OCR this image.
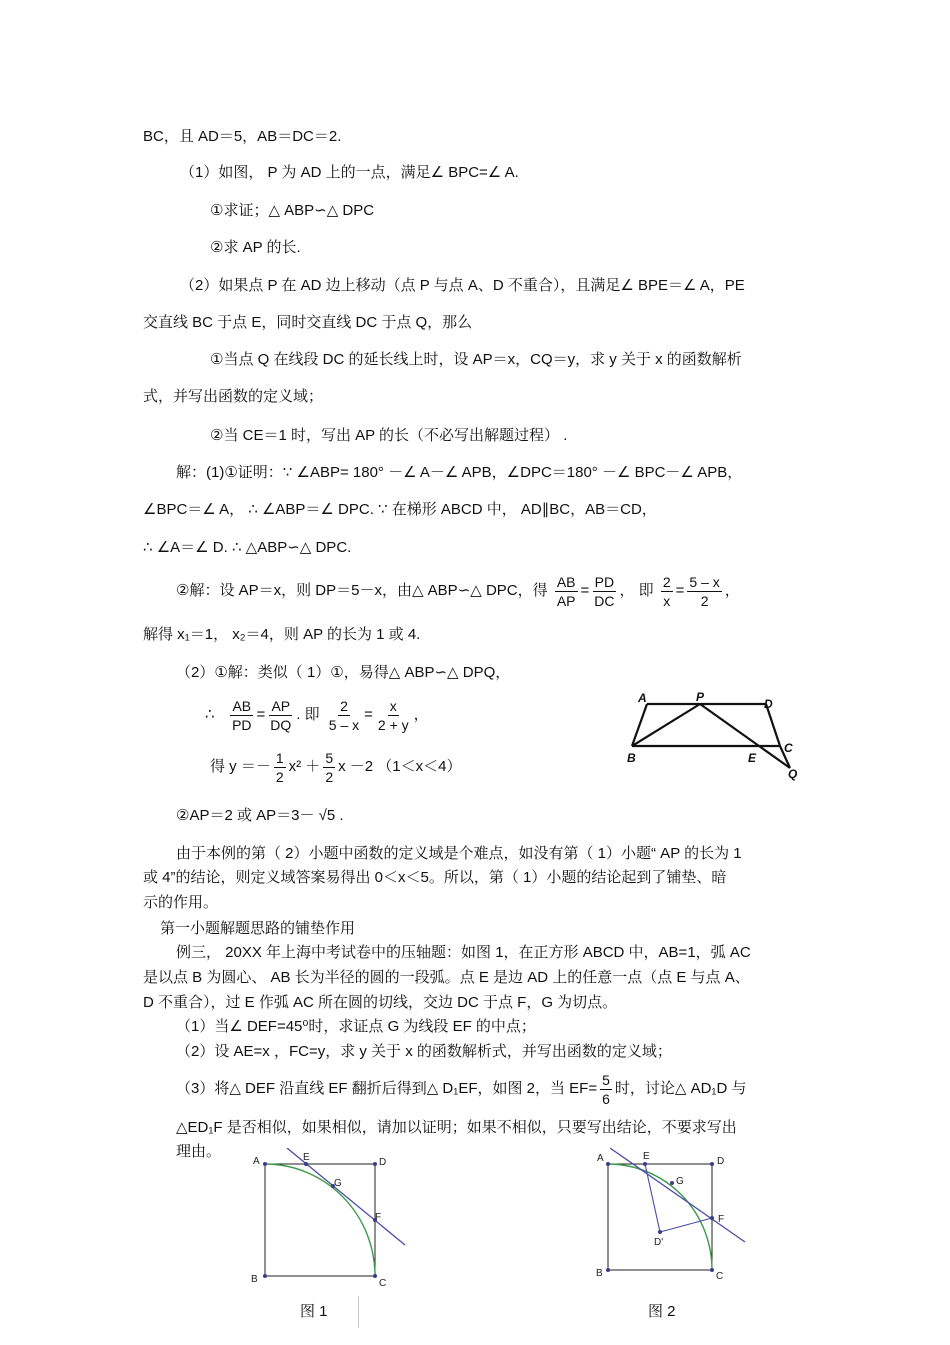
BC，且 AD＝5，AB＝DC＝2.
（1）如图， P 为 AD 上的一点，满足∠ BPC=∠ A.
①求证；△ ABP∽△ DPC
②求 AP 的长.
（2）如果点 P 在 AD 边上移动（点 P 与点 A、D 不重合），且满足∠ BPE＝∠ A，PE
交直线 BC 于点 E，同时交直线 DC 于点 Q，那么
①当点 Q 在线段 DC 的延长线上时，设 AP＝x，CQ＝y，求 y 关于 x 的函数解析
式，并写出函数的定义域；
②当 CE＝1 时，写出 AP 的长（不必写出解题过程） .
解：(1)①证明：∵ ∠ABP= 180° －∠ A－∠ APB，∠DPC＝180° －∠ BPC－∠ APB，
∠BPC＝∠ A， ∴ ∠ABP＝∠ DPC. ∵ 在梯形 ABCD 中， AD∥BC，AB＝CD，
∴ ∠A＝∠ D. ∴ △ABP∽△ DPC.
②解：设 AP＝x，则 DP＝5－x，由△ ABP∽△ DPC，得 $\frac{AB}{AP} = \frac{PD}{DC}$ ， 即 $\frac{2}{x} = \frac{5 - x}{2}$ ，
解得 x₁＝1， x₂＝4，则 AP 的长为 1 或 4.
（2）①解：类似（ 1）①，易得△ ABP∽△ DPQ，
∴ $\frac{AB}{PD} = \frac{AP}{DQ}$ . 即 $\frac{2}{5 - x} = \frac{x}{2 + y}$ ，
得 $y =- \frac{1}{2} x^2 + \frac{5}{2}$ x －2 （1＜x＜4）
②AP＝2 或 AP＝3－ √5 .
由于本例的第（ 2）小题中函数的定义域是个难点，如没有第（ 1）小题“ AP 的长为 1
或 4”的结论，则定义域答案易得出 0＜x＜5。所以，第（ 1）小题的结论起到了铺垫、暗
示的作用。
第一小题解题思路的铺垫作用
例三， 20XX 年上海中考试卷中的压轴题：如图 1，在正方形 ABCD 中，AB=1，弧 AC
是以点 B 为圆心、 AB 长为半径的圆的一段弧。点 E 是边 AD 上的任意一点（点 E 与点 A、
D 不重合），过 E 作弧 AC 所在圆的切线，交边 DC 于点 F，G 为切点。
（1）当∠ DEF=45⁰时，求证点 G 为线段 EF 的中点；
（2）设 AE=x ，FC=y，求 y 关于 x 的函数解析式，并写出函数的定义域；
（3）将△ DEF 沿直线 EF 翻折后得到△ D₁EF，如图 2，当 $EF= \frac{5}{6}$ 时，讨论△ AD₁D 与
△ED₁F 是否相似，如果相似，请加以证明；如果不相似，只要写出结论，不要求写出
理由。
A	P	D
B	E
C
Q
A	E	D
G
F
B	C
图 1
A	E	D
G
F
D'
B	C
图 2
